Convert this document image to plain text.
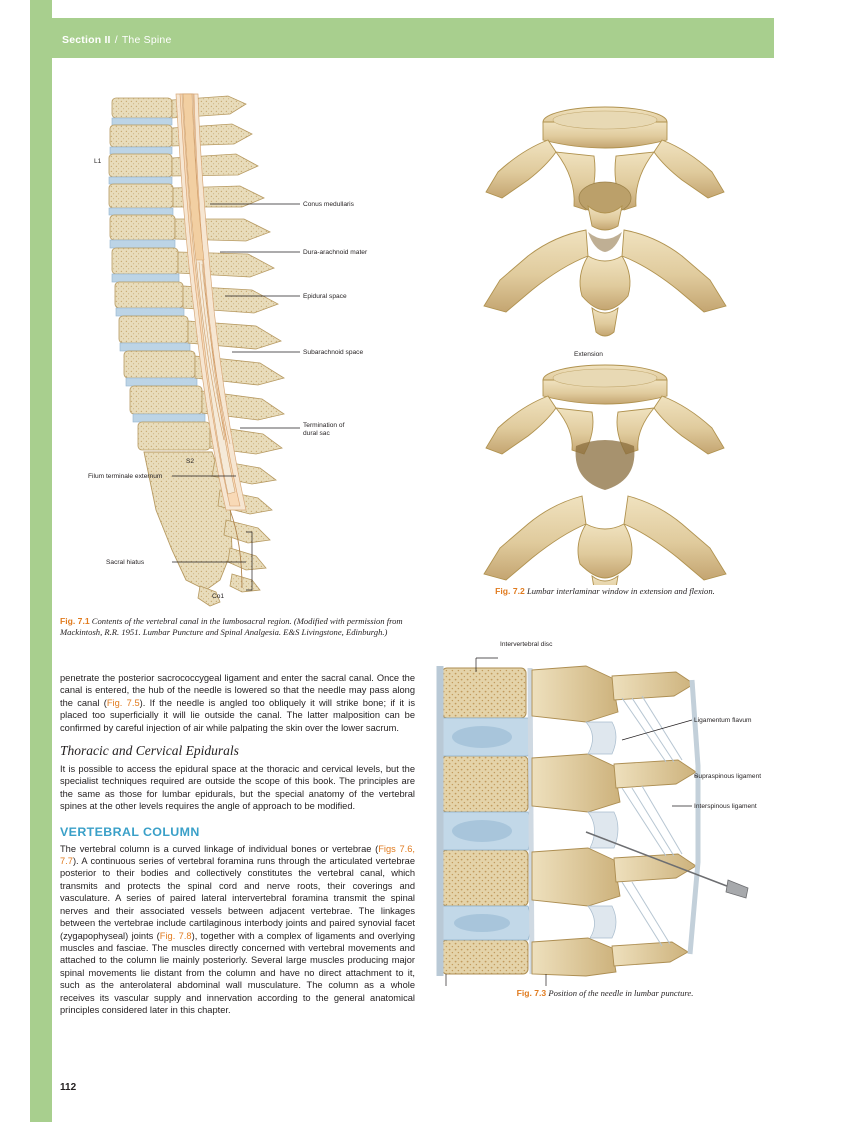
Section II / The Spine
L1
Conus medullaris
Dura-arachnoid mater
Epidural space
Subarachnoid space
Termination of
dural sac
Filum terminale externum
S2
Sacral hiatus
Co1
Fig. 7.1 Contents of the vertebral canal in the lumbosacral region. (Modified with permission from Mackintosh, R.R. 1951. Lumbar Puncture and Spinal Analgesia. E&S Livingstone, Edinburgh.)
Extension
Fig. 7.2 Lumbar interlaminar window in extension and flexion.
Intervertebral disc
Ligamentum flavum
Supraspinous ligament
Interspinous ligament
Fig. 7.3 Position of the needle in lumbar puncture.

penetrate the posterior sacrococcygeal ligament and enter the sacral canal. Once the canal is entered, the hub of the needle is lowered so that the needle may pass along the canal (Fig. 7.5). If the needle is angled too obliquely it will strike bone; if it is placed too superficially it will lie outside the canal. The latter malposition can be confirmed by careful injection of air while palpating the skin over the lower sacrum.

Thoracic and Cervical Epidurals

It is possible to access the epidural space at the thoracic and cervical levels, but the specialist techniques required are outside the scope of this book. The principles are the same as those for lumbar epidurals, but the special anatomy of the vertebral spines at the other levels requires the angle of approach to be modified.

VERTEBRAL COLUMN

The vertebral column is a curved linkage of individual bones or vertebrae (Figs 7.6, 7.7). A continuous series of vertebral foramina runs through the articulated vertebrae posterior to their bodies and collectively constitutes the vertebral canal, which transmits and protects the spinal cord and nerve roots, their coverings and vasculature. A series of paired lateral intervertebral foramina transmit the spinal nerves and their associated vessels between adjacent vertebrae. The linkages between the vertebrae include cartilaginous interbody joints and paired synovial facet (zygapophyseal) joints (Fig. 7.8), together with a complex of ligaments and overlying muscles and fasciae. The muscles directly concerned with vertebral movements and attached to the column lie mainly posteriorly. Several large muscles producing major spinal movements lie distant from the column and have no direct attachment to it, such as the anterolateral abdominal wall musculature. The column as a whole receives its vascular supply and innervation according to the general anatomical principles considered later in this chapter.

112
